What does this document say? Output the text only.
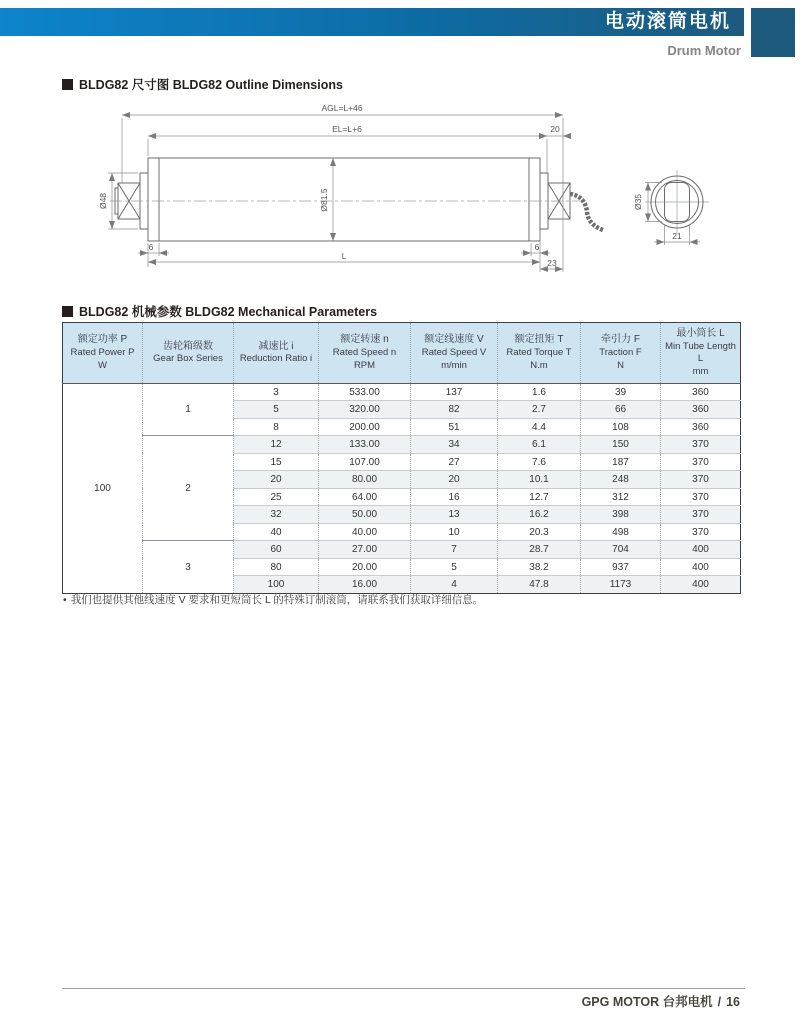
电动滚筒电机
Drum Motor
BLDG82 尺寸图 BLDG82 Outline Dimensions
AGL=L+46
EL=L+6	20
Ø48	Ø81.5
6	6
L
23
Ø35
21
BLDG82 机械参数 BLDG82 Mechanical Parameters
额定功率 P
Rated Power P
W

齿轮箱级数
Gear Box Series

减速比 i
Reduction Ratio i

额定转速 n
Rated Speed n
RPM

额定线速度 V
Rated Speed V
m/min

额定扭矩 T
Rated Torque T
N.m

牵引力 F
Traction F
N

最小筒长 L
Min Tube Length L
mm

100	1	3	533.00	137	1.6	39	360
		5	320.00	82	2.7	66	360
		8	200.00	51	4.4	108	360
	2	12	133.00	34	6.1	150	370
		15	107.00	27	7.6	187	370
		20	80.00	20	10.1	248	370
		25	64.00	16	12.7	312	370
		32	50.00	13	16.2	398	370
		40	40.00	10	20.3	498	370
	3	60	27.00	7	28.7	704	400
		80	20.00	5	38.2	937	400
		100	16.00	4	47.8	1173	400
• 我们也提供其他线速度 V 要求和更短筒长 L 的特殊订制滚筒，请联系我们获取详细信息。
GPG MOTOR 台邦电机 / 16
